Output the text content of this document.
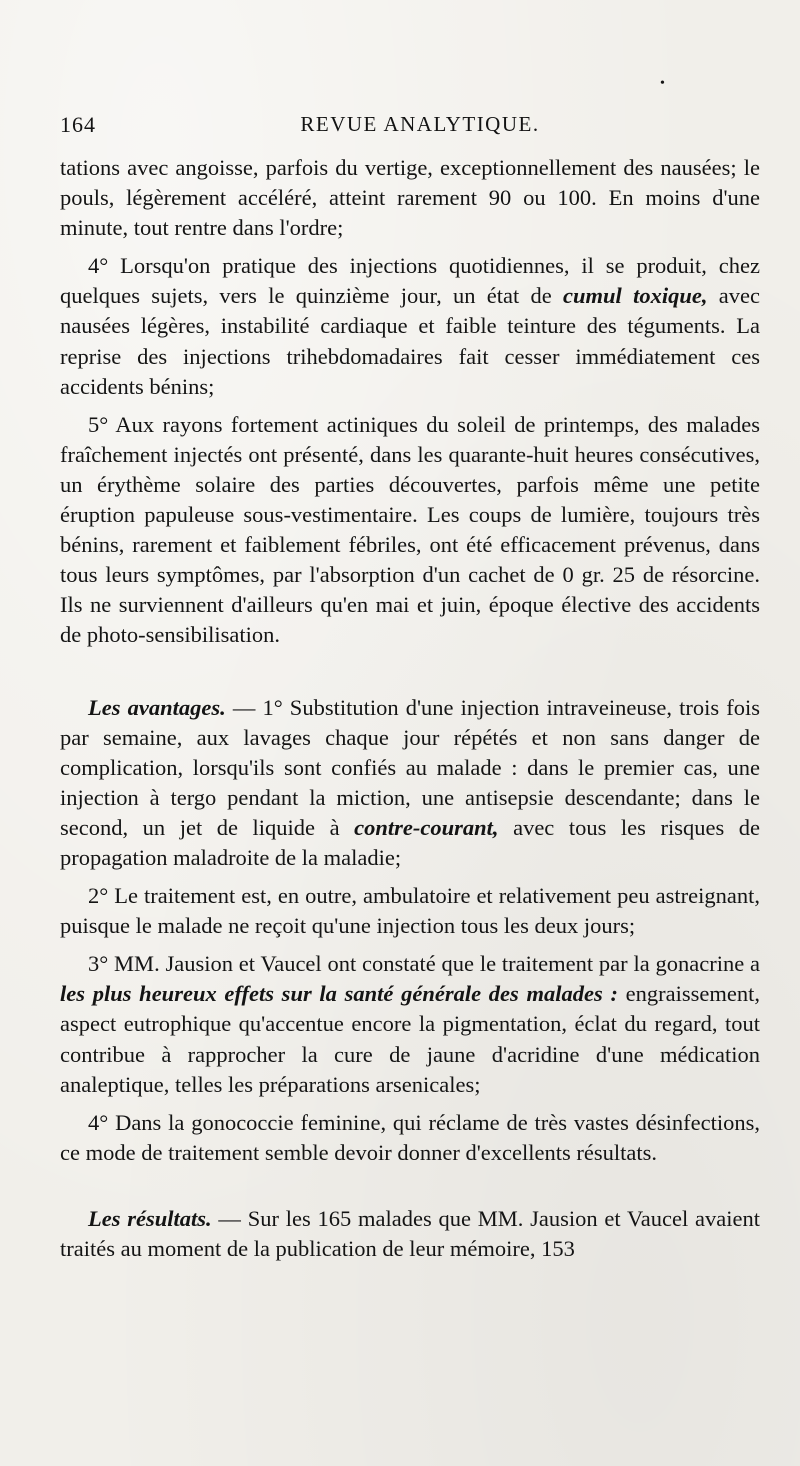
•
164	REVUE ANALYTIQUE.

tations avec angoisse, parfois du vertige, exceptionnellement des nausées; le pouls, légèrement accéléré, atteint rarement 90 ou 100. En moins d'une minute, tout rentre dans l'ordre;

4° Lorsqu'on pratique des injections quotidiennes, il se produit, chez quelques sujets, vers le quinzième jour, un état de cumul toxique, avec nausées légères, instabilité cardiaque et faible teinture des téguments. La reprise des injections trihebdomadaires fait cesser immédiatement ces accidents bénins;

5° Aux rayons fortement actiniques du soleil de printemps, des malades fraîchement injectés ont présenté, dans les quarante-huit heures consécutives, un érythème solaire des parties découvertes, parfois même une petite éruption papuleuse sous-vestimentaire. Les coups de lumière, toujours très bénins, rarement et faiblement fébriles, ont été efficacement prévenus, dans tous leurs symptômes, par l'absorption d'un cachet de 0 gr. 25 de résorcine. Ils ne surviennent d'ailleurs qu'en mai et juin, époque élective des accidents de photo-sensibilisation.

Les avantages. — 1° Substitution d'une injection intraveineuse, trois fois par semaine, aux lavages chaque jour répétés et non sans danger de complication, lorsqu'ils sont confiés au malade : dans le premier cas, une injection à tergo pendant la miction, une antisepsie descendante; dans le second, un jet de liquide à contre-courant, avec tous les risques de propagation maladroite de la maladie;

2° Le traitement est, en outre, ambulatoire et relativement peu astreignant, puisque le malade ne reçoit qu'une injection tous les deux jours;

3° MM. Jausion et Vaucel ont constaté que le traitement par la gonacrine a les plus heureux effets sur la santé générale des malades : engraissement, aspect eutrophique qu'accentue encore la pigmentation, éclat du regard, tout contribue à rapprocher la cure de jaune d'acridine d'une médication analeptique, telles les préparations arsenicales;

4° Dans la gonococcie feminine, qui réclame de très vastes désinfections, ce mode de traitement semble devoir donner d'excellents résultats.

Les résultats. — Sur les 165 malades que MM. Jausion et Vaucel avaient traités au moment de la publication de leur mémoire, 153
